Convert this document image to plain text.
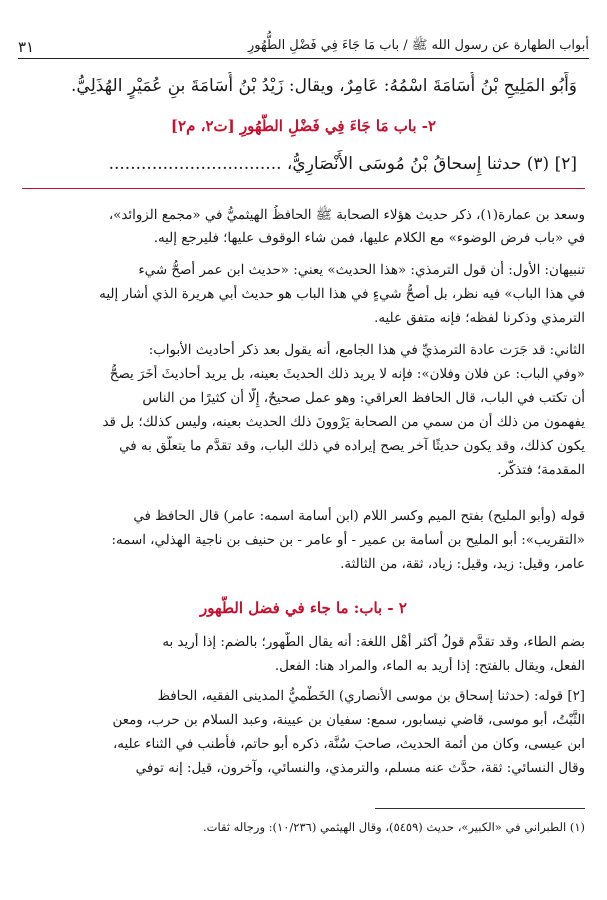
أبواب الطهارة عن رسول الله ﷺ / باب مَا جَاءَ فِي فَضْلِ الطُّهُورِ
٣١

وَأَبُو المَلِيحِ بْنُ أُسَامَةَ اسْمُهُ: عَامِرٌ، ويقال: زَيْدُ بْنُ أُسَامَةَ بنِ عُمَيْرٍ الهُذَلِيُّ.

٢- باب مَا جَاءَ فِي فَضْلِ الطُّهُورِ [ت٢، م٢]

[٢] (٣) حدثنا إِسحاقُ بْنُ مُوسَى الأَنْصَارِيُّ، ................................

وسعد بن عمارة(١)، ذكر حديث هؤلاء الصحابة ﷺ الحافظُ الهيثميُّ في «مجمع الزوائد»،

في «باب فرض الوضوء» مع الكلام عليها، فمن شاء الوقوف عليها؛ فليرجع إليه.

تنبيهان: الأول: أن قول الترمذي: «هذا الحديث» يعني: «حديث ابن عمر أصحُّ شيء

في هذا الباب» فيه نظر، بل أصحُّ شيءٍ في هذا الباب هو حديث أبي هريرة الذي أشار إليه

الترمذي وذكرنا لفظه؛ فإنه متفق عليه.

الثاني: قد جَرَت عادة الترمذيِّ في هذا الجامع، أنه يقول بعد ذكر أحاديث الأبواب:

«وفي الباب: عن فلان وفلان»: فإنه لا يريد ذلك الحديثَ بعينه، بل يريد أحاديثَ أُخَرَ يصحُّ

أن تكتب في الباب، قال الحافظ العراقي: وهو عمل صحيحٌ، إِلَّا أن كثيرًا من الناس

يفهمون من ذلك أن من سمي من الصحابة يَرْوونَ ذلك الحديث بعينه، وليس كذلك؛ بل قد

يكون كذلك، وقد يكون حديثًا آخر يصح إيراده في ذلك الباب، وقد تقدَّم ما يتعلَّق به في

المقدمة؛ فتذكَّر.

قوله (وأبو المليح) بفتح الميم وكسر اللام (ابن أسامة اسمه: عامر) قال الحافظ في

«التقريب»: أبو المليح بن أسامة بن عمير - أو عامر - بن حنيف بن ناجية الهذلي، اسمه:

عامر، وقيل: زيد، وقيل: زياد، ثقة، من الثالثة.

٢ - باب: ما جاء في فضل الطُّهور

بضم الطاء، وقد تقدَّم قولُ أكثر أَهْل اللغة: أنه يقال الطُّهور؛ بالضم: إذا أريد به

الفعل، ويقال بالفتح: إذا أريد به الماء، والمراد هنا: الفعل.

[٢] قوله: (حدثنا إسحاق بن موسى الأنصاري) الخَطْميُّ المدينى الفقيه، الحافظ

الثَّبْتُ، أبو موسى، قاضي نيسابور، سمع: سفيان بن عيينة، وعبد السلام بن حرب، ومعن

ابن عيسى، وكان من أئمة الحديث، صاحبَ سُنَّة، ذكره أبو حاتم، فأطنب في الثناء عليه،

وقال النسائي: ثقة، حدَّث عنه مسلم، والترمذي، والنسائي، وآخرون، قيل: إنه توفي

(١) الطبراني في «الكبير»، حديث (٥٤٥٩)، وقال الهيثمي (١٠/٢٣٦): ورجاله ثقات.
